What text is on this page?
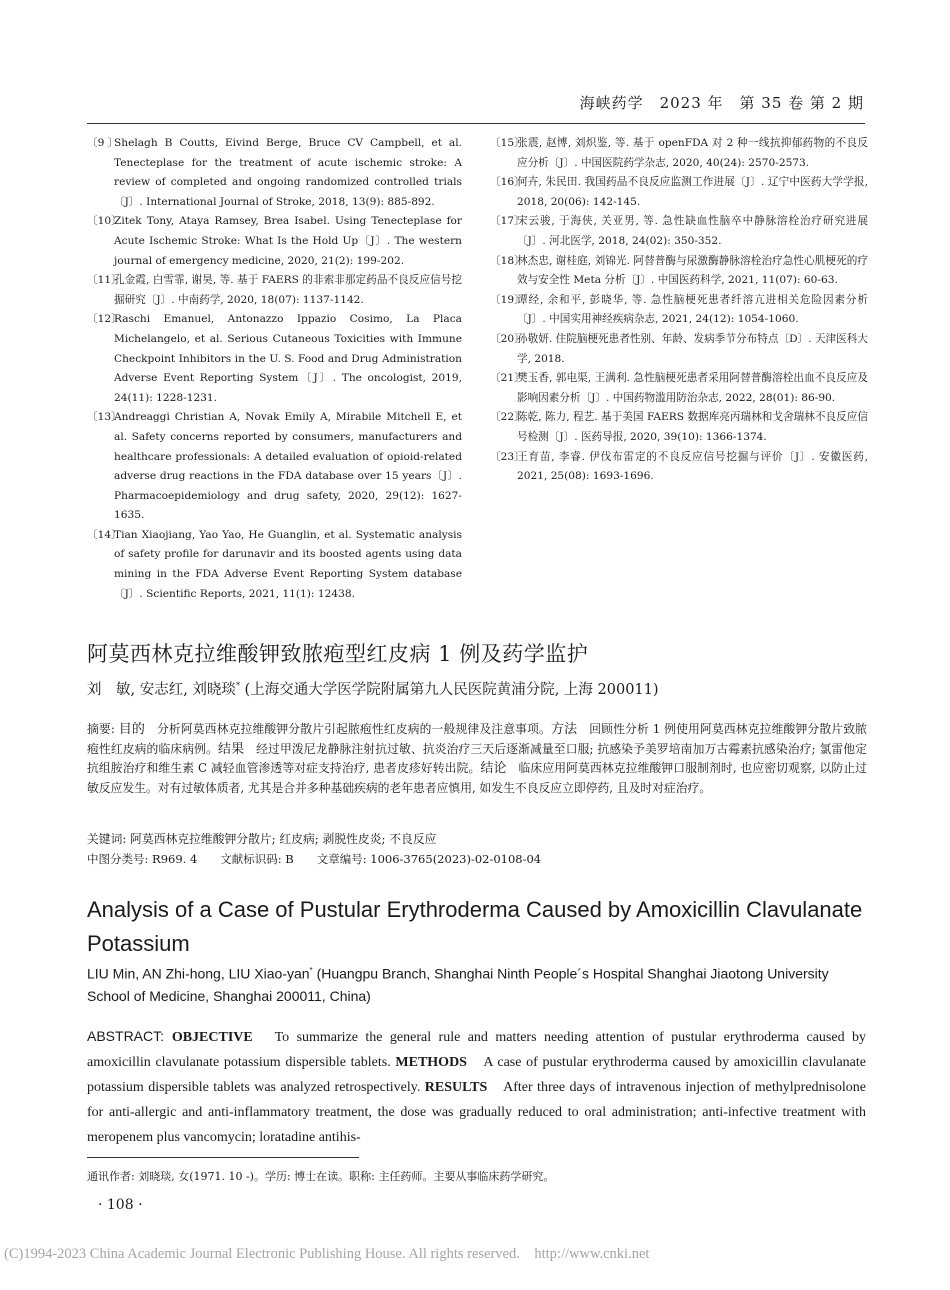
海峡药学　2023 年　第 35 卷 第 2 期
〔9 〕
Shelagh B Coutts, Eivind Berge, Bruce CV Campbell, et al. Tenecteplase for the treatment of acute ischemic stroke: A review of completed and ongoing randomized controlled trials〔J〕. International Journal of Stroke, 2018, 13(9): 885-892.
〔10〕
Zitek Tony, Ataya Ramsey, Brea Isabel. Using Tenecteplase for Acute Ischemic Stroke: What Is the Hold Up〔J〕. The western journal of emergency medicine, 2020, 21(2): 199-202.
〔11〕
孔金霞, 白雪霏, 谢昊, 等. 基于 FAERS 的非索非那定药品不良反应信号挖掘研究〔J〕. 中南药学, 2020, 18(07): 1137-1142.
〔12〕
Raschi Emanuel, Antonazzo Ippazio Cosimo, La Placa Michelangelo, et al. Serious Cutaneous Toxicities with Immune Checkpoint Inhibitors in the U. S. Food and Drug Administration Adverse Event Reporting System〔J〕. The oncologist, 2019, 24(11): 1228-1231.
〔13〕
Andreaggi Christian A, Novak Emily A, Mirabile Mitchell E, et al. Safety concerns reported by consumers, manufacturers and healthcare professionals: A detailed evaluation of opioid-related adverse drug reactions in the FDA database over 15 years〔J〕. Pharmacoepidemiology and drug safety, 2020, 29(12): 1627-1635.
〔14〕
Tian Xiaojiang, Yao Yao, He Guanglin, et al. Systematic analysis of safety profile for darunavir and its boosted agents using data mining in the FDA Adverse Event Reporting System database〔J〕. Scientific Reports, 2021, 11(1): 12438.
〔15〕
张震, 赵博, 刘炽鉴, 等. 基于 openFDA 对 2 种一线抗抑郁药物的不良反应分析〔J〕. 中国医院药学杂志, 2020, 40(24): 2570-2573.
〔16〕
何卉, 朱民田. 我国药品不良反应监测工作进展〔J〕. 辽宁中医药大学学报, 2018, 20(06): 142-145.
〔17〕
宋云骏, 于海侠, 关亚男, 等. 急性缺血性脑卒中静脉溶栓治疗研究进展〔J〕. 河北医学, 2018, 24(02): 350-352.
〔18〕
林杰忠, 谢桂庭, 刘锦光. 阿替普酶与尿激酶静脉溶栓治疗急性心肌梗死的疗效与安全性 Meta 分析〔J〕. 中国医药科学, 2021, 11(07): 60-63.
〔19〕
谭经, 余和平, 彭晓华, 等. 急性脑梗死患者纤溶亢进相关危险因素分析〔J〕. 中国实用神经疾病杂志, 2021, 24(12): 1054-1060.
〔20〕
孙敬妍. 住院脑梗死患者性别、年龄、发病季节分布特点〔D〕. 天津医科大学, 2018.
〔21〕
樊玉香, 郭电渠, 王满利. 急性脑梗死患者采用阿替普酶溶栓出血不良反应及影响因素分析〔J〕. 中国药物滥用防治杂志, 2022, 28(01): 86-90.
〔22〕
陈乾, 陈力, 程艺. 基于美国 FAERS 数据库亮丙瑞林和戈舍瑞林不良反应信号检测〔J〕. 医药导报, 2020, 39(10): 1366-1374.
〔23〕
王育苗, 李睿. 伊伐布雷定的不良反应信号挖掘与评价〔J〕. 安徽医药, 2021, 25(08): 1693-1696.
阿莫西林克拉维酸钾致脓疱型红皮病 1 例及药学监护
刘　敏, 安志红, 刘晓琰* (上海交通大学医学院附属第九人民医院黄浦分院, 上海 200011)
摘要: 目的　分析阿莫西林克拉维酸钾分散片引起脓疱性红皮病的一般规律及注意事项。方法　回顾性分析 1 例使用阿莫西林克拉维酸钾分散片致脓疱性红皮病的临床病例。结果　经过甲泼尼龙静脉注射抗过敏、抗炎治疗三天后逐渐减量至口服; 抗感染予美罗培南加万古霉素抗感染治疗; 氯雷他定抗组胺治疗和维生素 C 减轻血管渗透等对症支持治疗, 患者皮疹好转出院。结论　临床应用阿莫西林克拉维酸钾口服制剂时, 也应密切观察, 以防止过敏反应发生。对有过敏体质者, 尤其是合并多种基础疾病的老年患者应慎用, 如发生不良反应立即停药, 且及时对症治疗。
关键词: 阿莫西林克拉维酸钾分散片; 红皮病; 剥脱性皮炎; 不良反应
中图分类号: R969. 4　　文献标识码: B　　文章编号: 1006-3765(2023)-02-0108-04
Analysis of a Case of Pustular Erythroderma Caused by Amoxicillin Clavulanate Potassium
LIU Min, AN Zhi-hong, LIU Xiao-yan* (Huangpu Branch, Shanghai Ninth People´s Hospital Shanghai Jiaotong University School of Medicine, Shanghai 200011, China)
ABSTRACT: OBJECTIVE　To summarize the general rule and matters needing attention of pustular erythroderma caused by amoxicillin clavulanate potassium dispersible tablets. METHODS　A case of pustular erythroderma caused by amoxicillin clavulanate potassium dispersible tablets was analyzed retrospectively. RESULTS　After three days of intravenous injection of methylprednisolone for anti-allergic and anti-inflammatory treatment, the dose was gradually reduced to oral administration; anti-infective treatment with meropenem plus vancomycin; loratadine antihis-
通讯作者: 刘晓琰, 女(1971. 10 -)。学历: 博士在读。职称: 主任药师。主要从事临床药学研究。
· 108 ·
(C)1994-2023 China Academic Journal Electronic Publishing House. All rights reserved.　http://www.cnki.net
